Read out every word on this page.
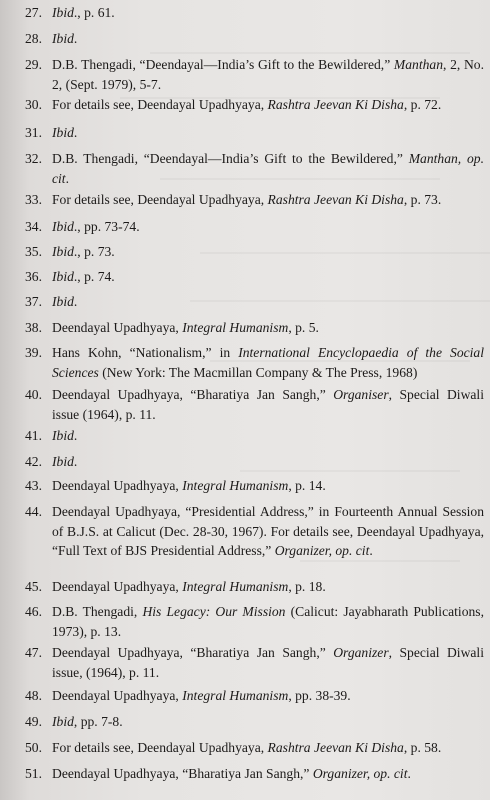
27. Ibid., p. 61.
28. Ibid.
29. D.B. Thengadi, “Deendayal—India’s Gift to the Bewildered,” Manthan, 2, No. 2, (Sept. 1979), 5-7.
30. For details see, Deendayal Upadhyaya, Rashtra Jeevan Ki Disha, p. 72.
31. Ibid.
32. D.B. Thengadi, “Deendayal—India’s Gift to the Bewildered,” Manthan, op. cit.
33. For details see, Deendayal Upadhyaya, Rashtra Jeevan Ki Disha, p. 73.
34. Ibid., pp. 73-74.
35. Ibid., p. 73.
36. Ibid., p. 74.
37. Ibid.
38. Deendayal Upadhyaya, Integral Humanism, p. 5.
39. Hans Kohn, “Nationalism,” in International Encyclopaedia of the Social Sciences (New York: The Macmillan Company & The Press, 1968)
40. Deendayal Upadhyaya, “Bharatiya Jan Sangh,” Organiser, Special Diwali issue (1964), p. 11.
41. Ibid.
42. Ibid.
43. Deendayal Upadhyaya, Integral Humanism, p. 14.
44. Deendayal Upadhyaya, “Presidential Address,” in Fourteenth Annual Session of B.J.S. at Calicut (Dec. 28-30, 1967). For details see, Deendayal Upadhyaya, “Full Text of BJS Presidential Address,” Organizer, op. cit.
45. Deendayal Upadhyaya, Integral Humanism, p. 18.
46. D.B. Thengadi, His Legacy: Our Mission (Calicut: Jayabharath Publications, 1973), p. 13.
47. Deendayal Upadhyaya, “Bharatiya Jan Sangh,” Organizer, Special Diwali issue, (1964), p. 11.
48. Deendayal Upadhyaya, Integral Humanism, pp. 38-39.
49. Ibid, pp. 7-8.
50. For details see, Deendayal Upadhyaya, Rashtra Jeevan Ki Disha, p. 58.
51. Deendayal Upadhyaya, “Bharatiya Jan Sangh,” Organizer, op. cit.
